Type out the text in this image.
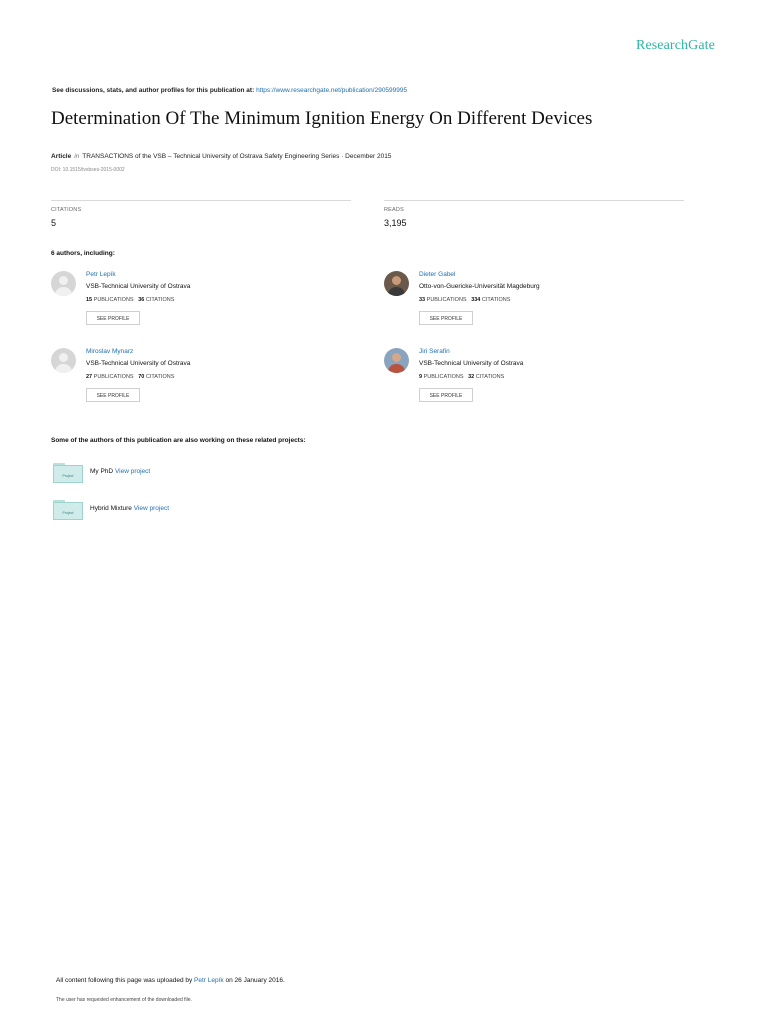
ResearchGate
See discussions, stats, and author profiles for this publication at: https://www.researchgate.net/publication/290599995
Determination Of The Minimum Ignition Energy On Different Devices
Article in TRANSACTIONS of the VSB – Technical University of Ostrava Safety Engineering Series · December 2015
DOI: 10.1515/tvsbses-2015-0002
CITATIONS
5
READS
3,195
6 authors, including:
Petr Lepík
VSB-Technical University of Ostrava
15 PUBLICATIONS 36 CITATIONS
SEE PROFILE
Dieter Gabel
Otto-von-Guericke-Universität Magdeburg
33 PUBLICATIONS 334 CITATIONS
SEE PROFILE
Miroslav Mynarz
VSB-Technical University of Ostrava
27 PUBLICATIONS 70 CITATIONS
SEE PROFILE
Jiri Serafin
VSB-Technical University of Ostrava
9 PUBLICATIONS 32 CITATIONS
SEE PROFILE
Some of the authors of this publication are also working on these related projects:
Project
My PhD View project
Project
Hybrid Mixture View project
All content following this page was uploaded by Petr Lepík on 26 January 2016.
The user has requested enhancement of the downloaded file.
